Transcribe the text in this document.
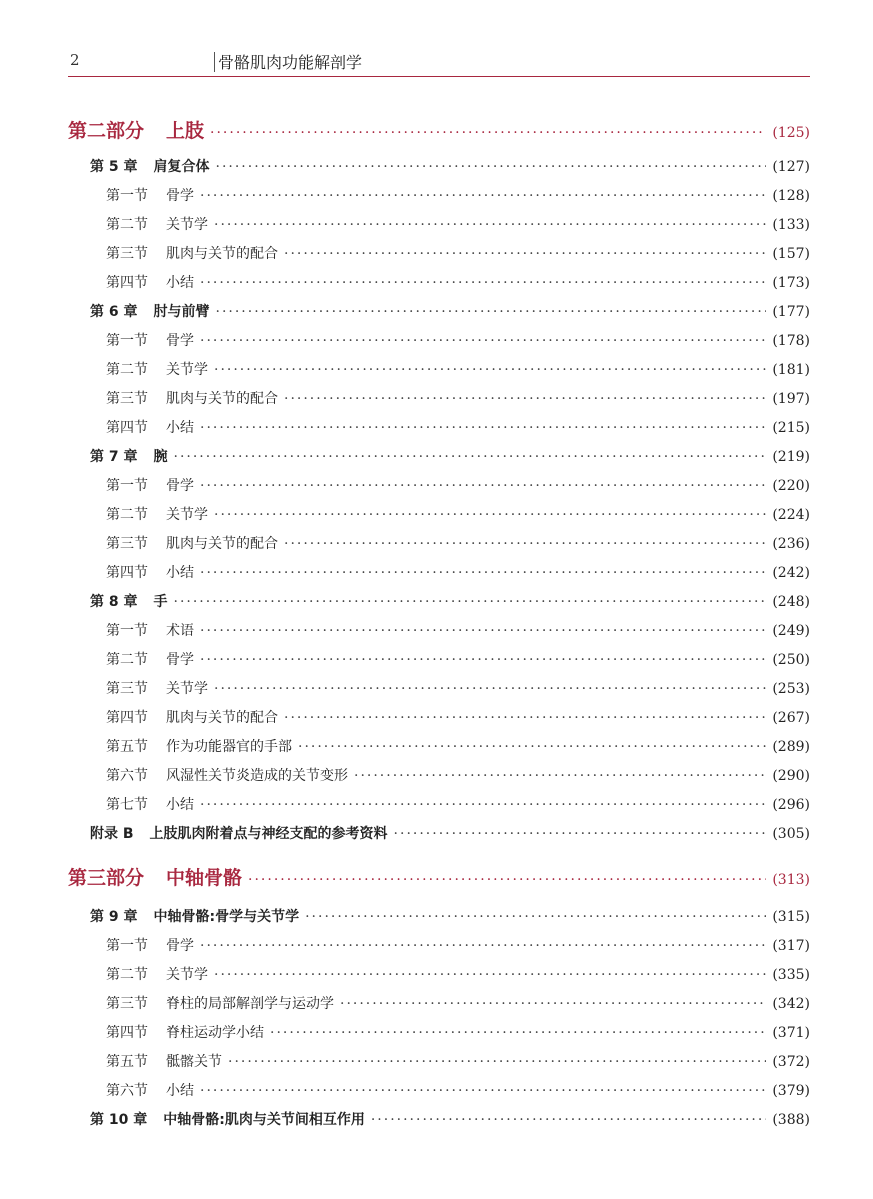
2	骨骼肌肉功能解剖学
第二部分 上肢 ·····	(125)
第 5 章 肩复合体 ·····	(127)
第一节 骨学 ·····	(128)
第二节 关节学 ·····	(133)
第三节 肌肉与关节的配合 ·····	(157)
第四节 小结 ·····	(173)
第 6 章 肘与前臂 ·····	(177)
第一节 骨学 ·····	(178)
第二节 关节学 ·····	(181)
第三节 肌肉与关节的配合 ·····	(197)
第四节 小结 ·····	(215)
第 7 章 腕 ·····	(219)
第一节 骨学 ·····	(220)
第二节 关节学 ·····	(224)
第三节 肌肉与关节的配合 ·····	(236)
第四节 小结 ·····	(242)
第 8 章 手 ·····	(248)
第一节 术语 ·····	(249)
第二节 骨学 ·····	(250)
第三节 关节学 ·····	(253)
第四节 肌肉与关节的配合 ·····	(267)
第五节 作为功能器官的手部 ·····	(289)
第六节 风湿性关节炎造成的关节变形 ·····	(290)
第七节 小结 ·····	(296)
附录 B 上肢肌肉附着点与神经支配的参考资料 ·····	(305)
第三部分 中轴骨骼 ·····	(313)
第 9 章 中轴骨骼:骨学与关节学 ·····	(315)
第一节 骨学 ·····	(317)
第二节 关节学 ·····	(335)
第三节 脊柱的局部解剖学与运动学 ·····	(342)
第四节 脊柱运动学小结 ·····	(371)
第五节 骶髂关节 ·····	(372)
第六节 小结 ·····	(379)
第 10 章 中轴骨骼:肌肉与关节间相互作用 ·····	(388)
